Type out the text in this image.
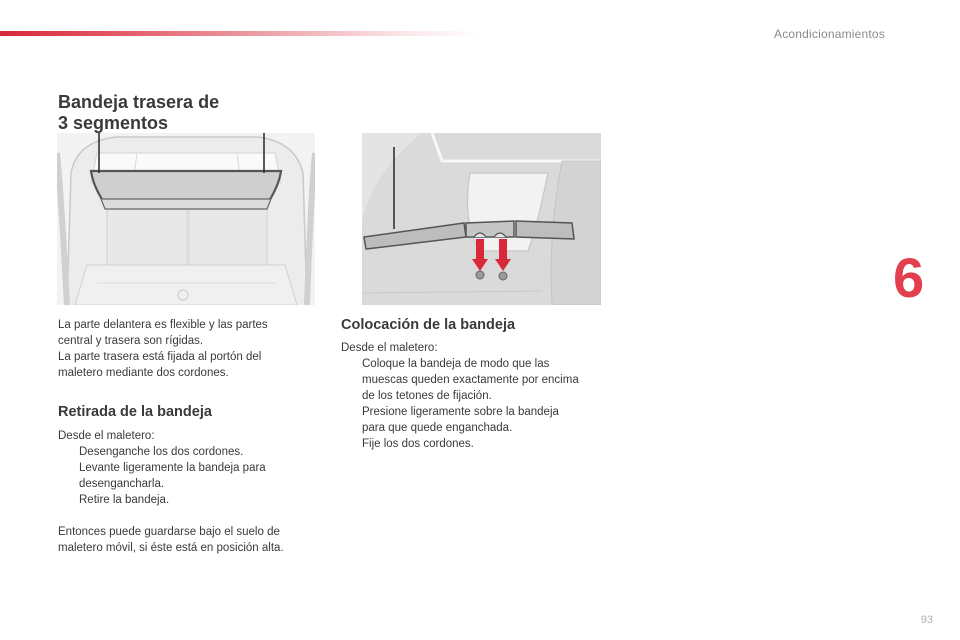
Acondicionamientos
6
Bandeja trasera de
3 segmentos

La parte delantera es flexible y las partes

central y trasera son rígidas.

La parte trasera está fijada al portón del

maletero mediante dos cordones.

Retirada de la bandeja

Desde el maletero:

Desenganche los dos cordones.
Levante ligeramente la bandeja para
desengancharla.
Retire la bandeja.

Entonces puede guardarse bajo el suelo de

maletero móvil, si éste está en posición alta.

Colocación de la bandeja

Desde el maletero:

Coloque la bandeja de modo que las
muescas queden exactamente por encima
de los tetones de fijación.
Presione ligeramente sobre la bandeja
para que quede enganchada.
Fije los dos cordones.
93
